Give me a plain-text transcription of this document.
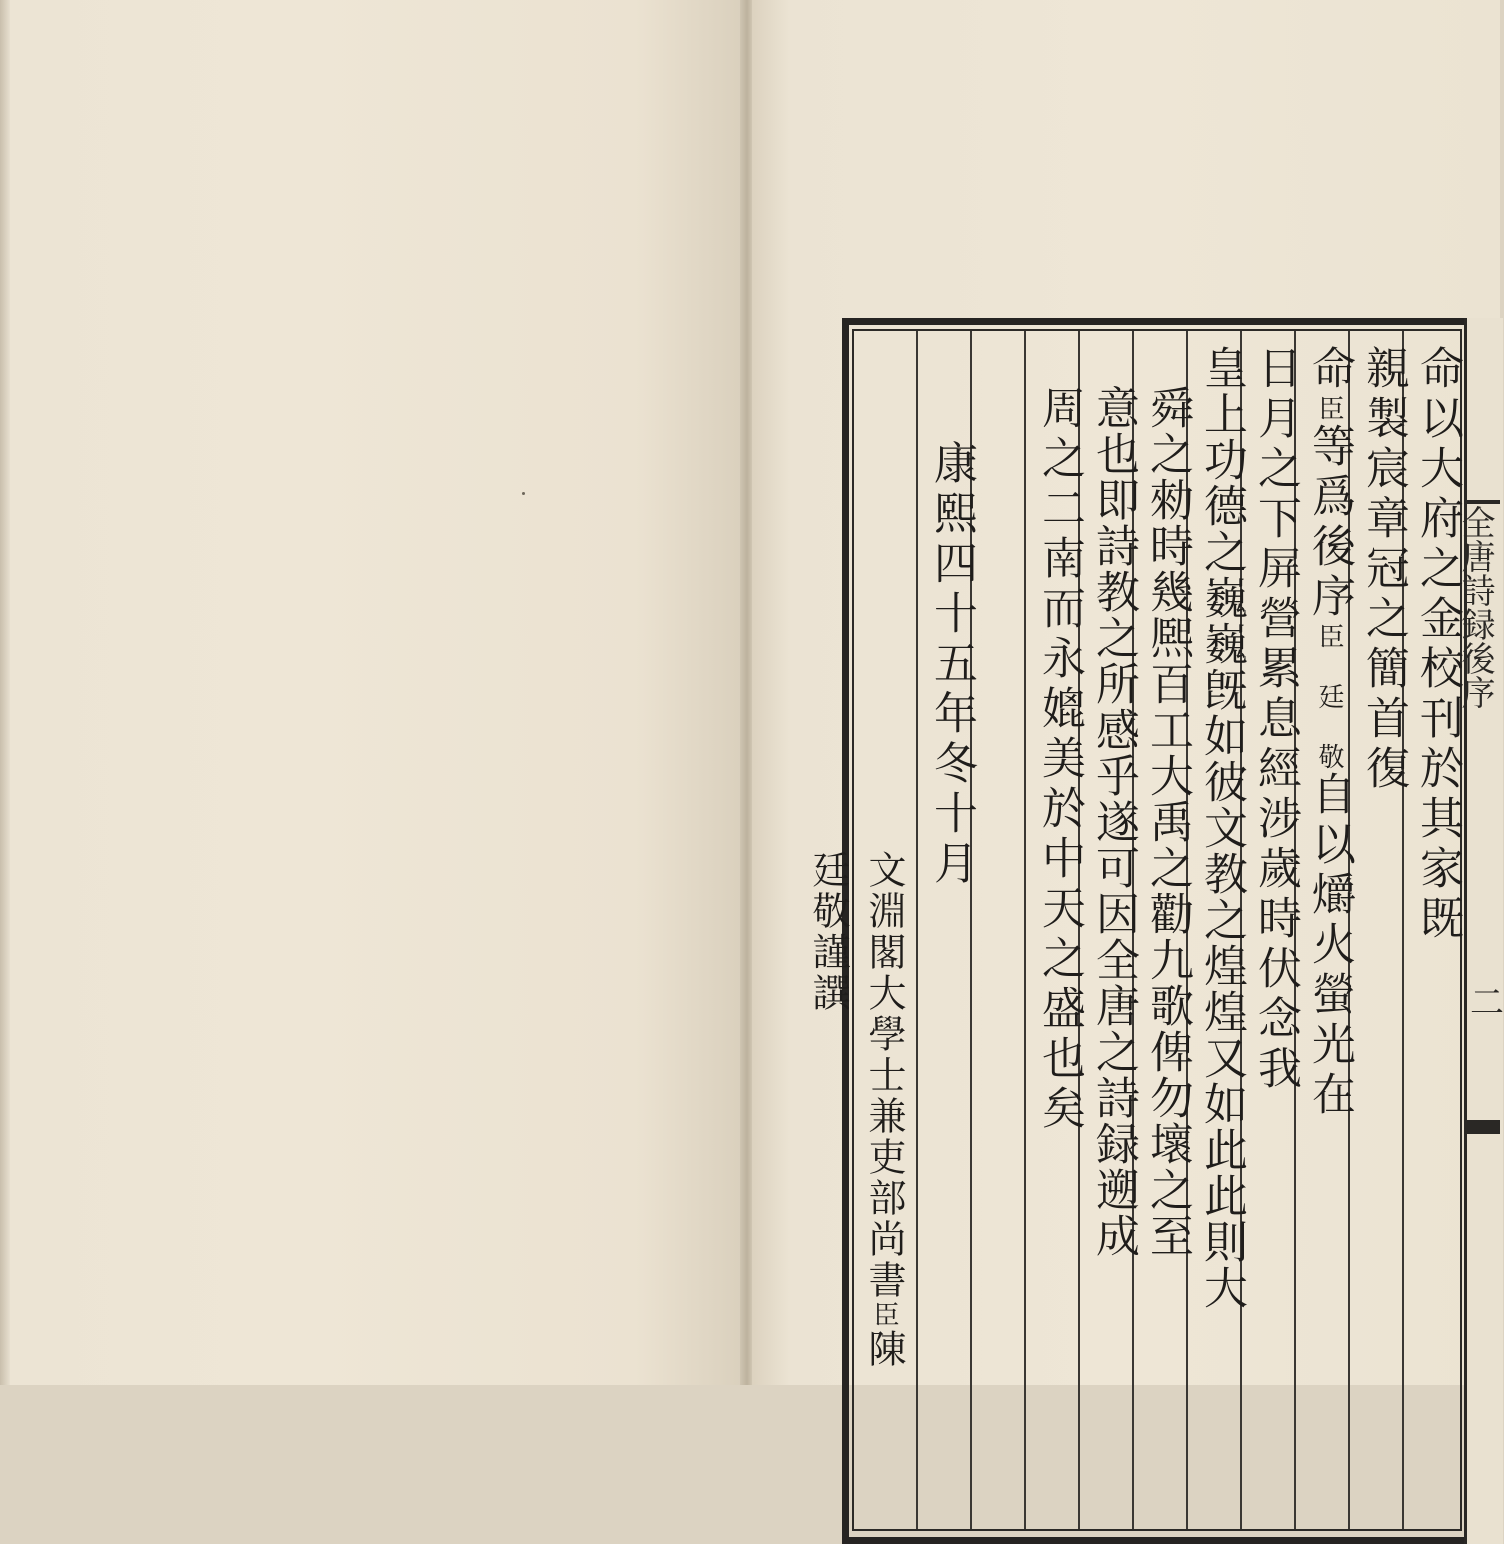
命以大府之金校刊於其家既
親製宸章冠之簡首復
命臣等爲後序臣 廷 敬自以爝火螢光在
日月之下屏營累息經涉歲時伏念我
皇上功德之巍巍旣如彼文教之煌煌又如此此則大
舜之勑時幾熈百工大禹之勸九歌俾勿壞之至
意也即詩教之所感乎遂可因全唐之詩録遡成
周之二南而永媲美於中天之盛也矣
康熙四十五年冬十月
文淵閣大學士兼吏部尚書臣陳廷敬謹譔
全唐詩録後序
二
